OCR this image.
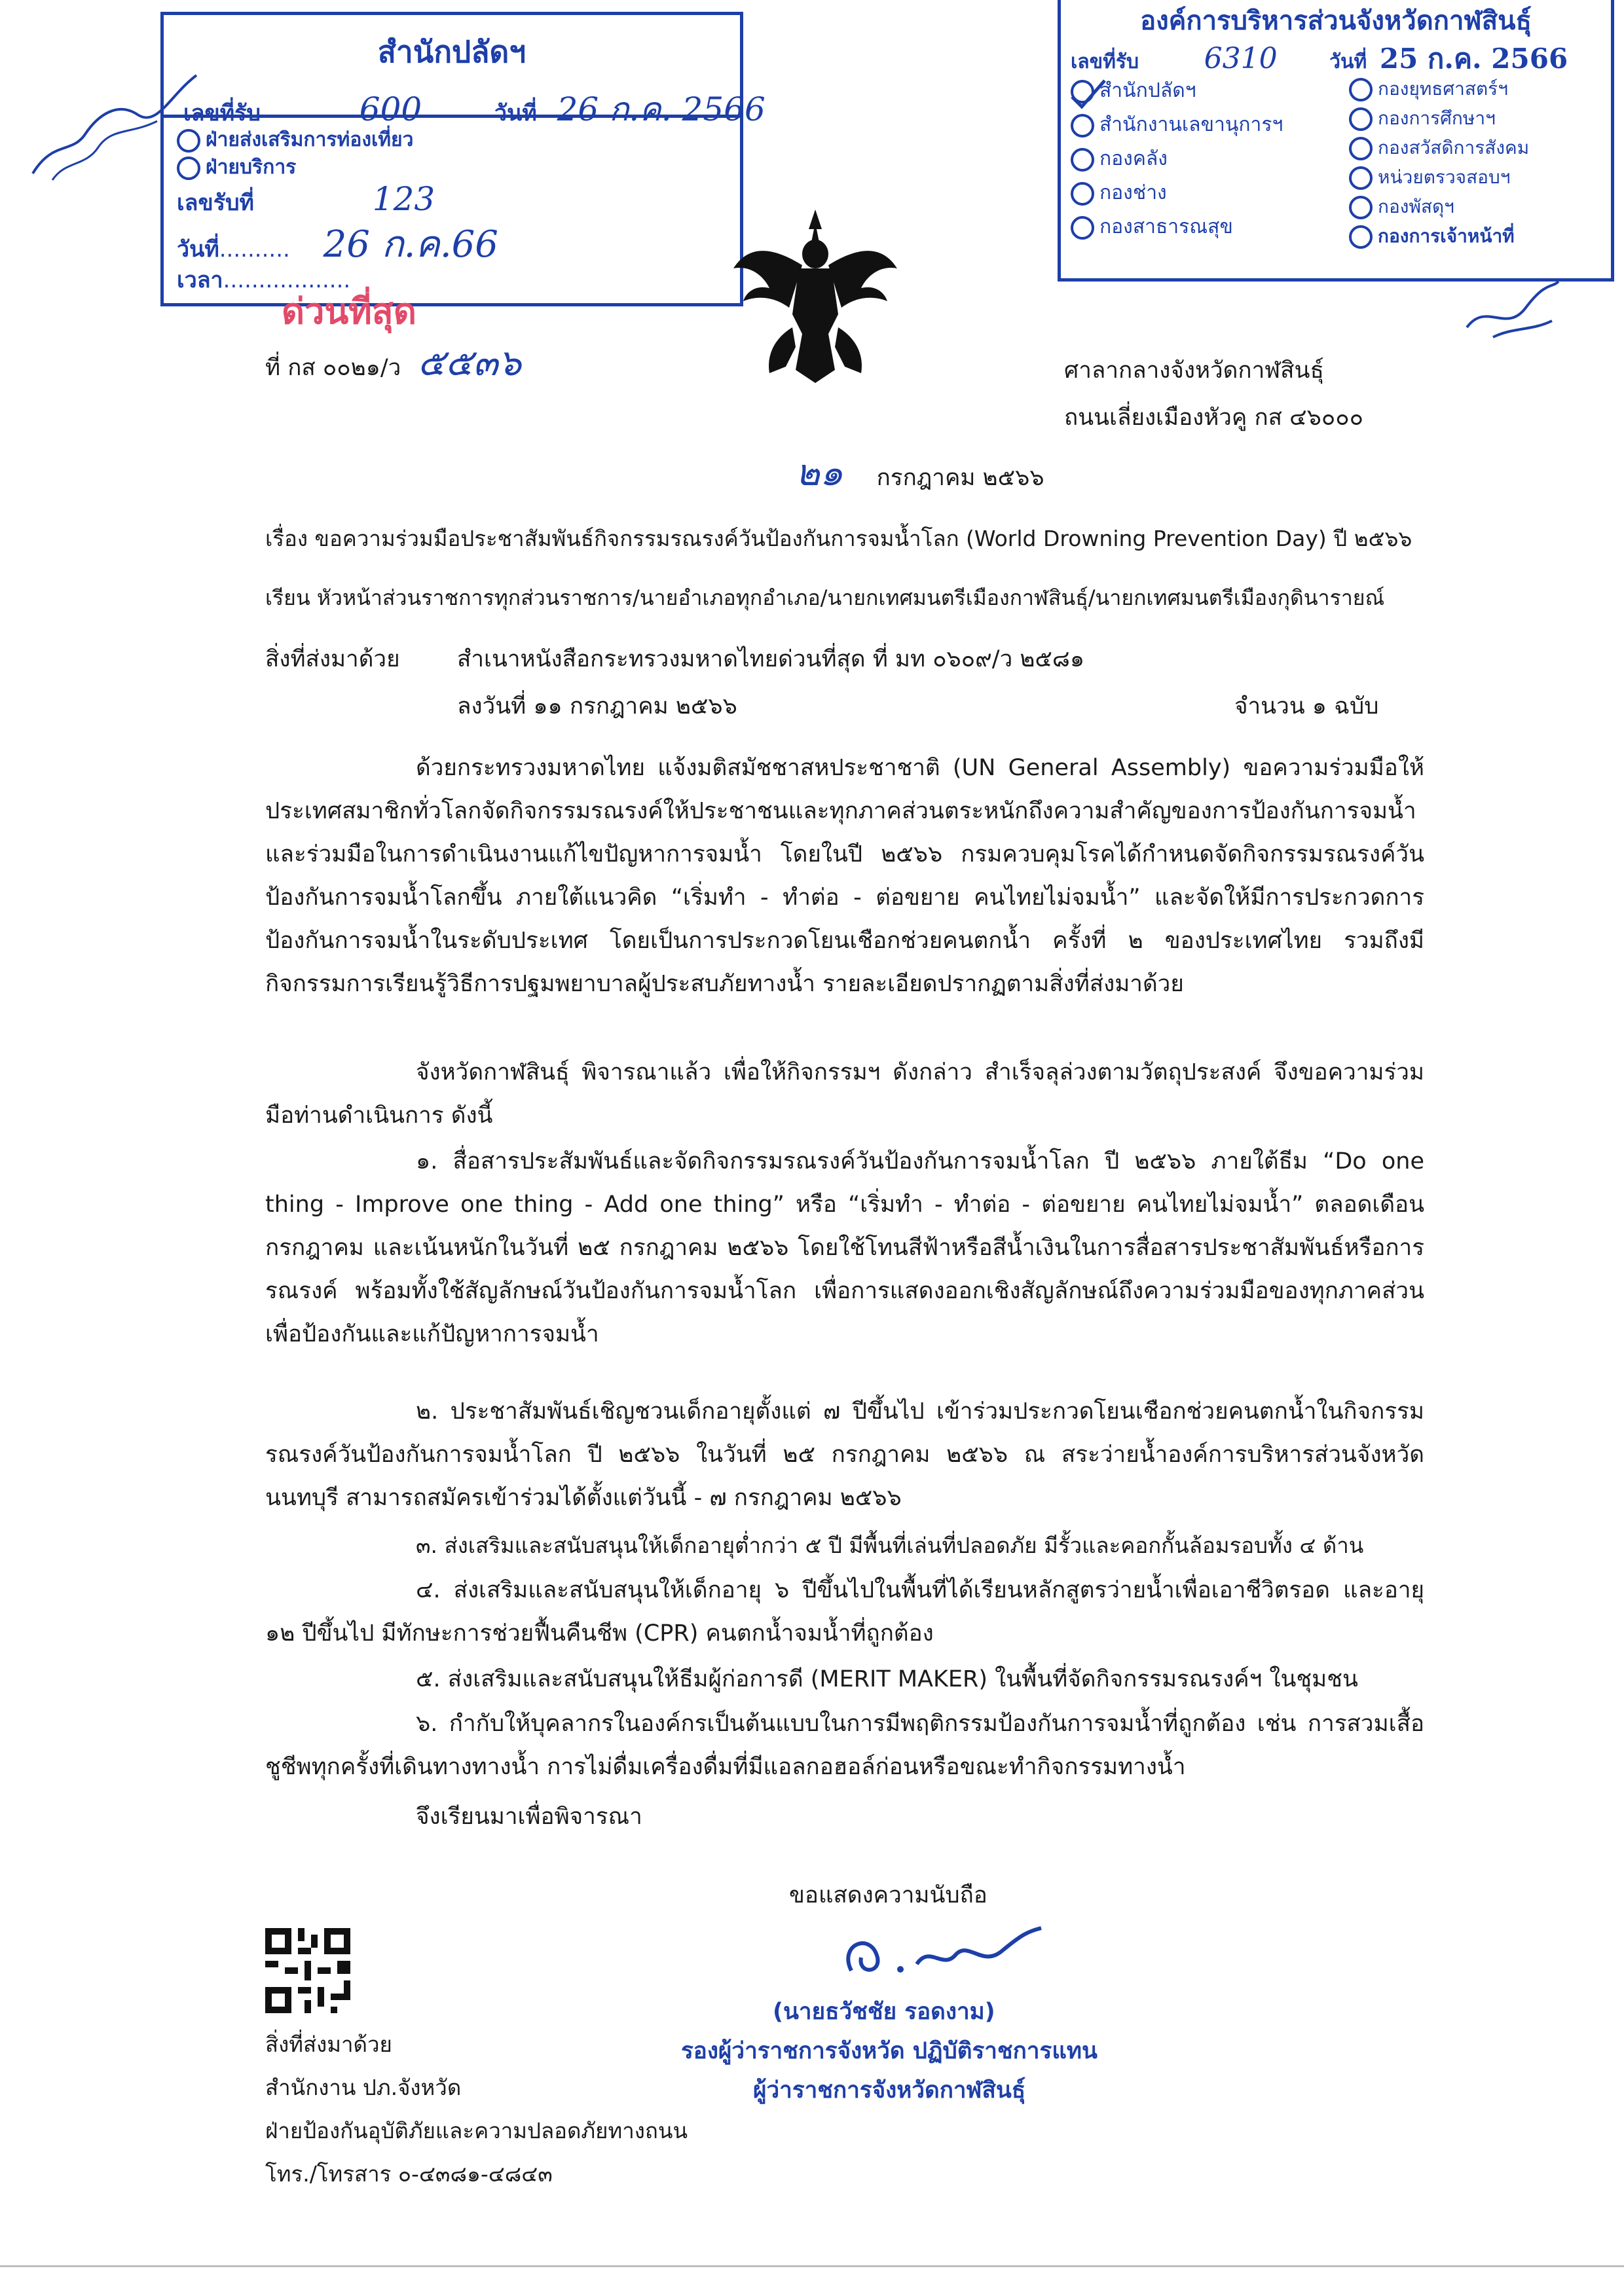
สำนักปลัดฯ
เลขที่รับ	600	วันที่ 26 ก.ค. 2566
ฝ่ายส่งเสริมการท่องเที่ยว
ฝ่ายบริการ
เลขรับที่	123
วันที่.......... 26 ก.ค.66
เวลา..................
องค์การบริหารส่วนจังหวัดกาฬสินธุ์
เลขที่รับ 6310	วันที่ 25 ก.ค. 2566
สำนักปลัดฯ
สำนักงานเลขานุการฯ
กองคลัง
กองช่าง
กองสาธารณสุข
กองยุทธศาสตร์ฯ
กองการศึกษาฯ
กองสวัสดิการสังคม
หน่วยตรวจสอบฯ
กองพัสดุฯ
กองการเจ้าหน้าที่
ด่วนที่สุด
ที่ กส ๐๐๒๑/ว ๕๕๓๖	ศาลากลางจังหวัดกาฬสินธุ์
ถนนเลี่ยงเมืองหัวคู กส ๔๖๐๐๐
๒๑ กรกฎาคม ๒๕๖๖
เรื่อง ขอความร่วมมือประชาสัมพันธ์กิจกรรมรณรงค์วันป้องกันการจมน้ำโลก (World Drowning Prevention Day) ปี ๒๕๖๖
เรียน หัวหน้าส่วนราชการทุกส่วนราชการ/นายอำเภอทุกอำเภอ/นายกเทศมนตรีเมืองกาฬสินธุ์/นายกเทศมนตรีเมืองกุดินารายณ์
สิ่งที่ส่งมาด้วย สำเนาหนังสือกระทรวงมหาดไทยด่วนที่สุด ที่ มท ๐๖๐๙/ว ๒๕๘๑
ลงวันที่ ๑๑ กรกฎาคม ๒๕๖๖	จำนวน ๑ ฉบับ
ด้วยกระทรวงมหาดไทย แจ้งมติสมัชชาสหประชาชาติ (UN General Assembly) ขอความร่วมมือให้ประเทศสมาชิกทั่วโลกจัดกิจกรรมรณรงค์ให้ประชาชนและทุกภาคส่วนตระหนักถึงความสำคัญของการป้องกันการจมน้ำ และร่วมมือในการดำเนินงานแก้ไขปัญหาการจมน้ำ โดยในปี ๒๕๖๖ กรมควบคุมโรคได้กำหนดจัดกิจกรรมรณรงค์วันป้องกันการจมน้ำโลกขึ้น ภายใต้แนวคิด “เริ่มทำ - ทำต่อ - ต่อขยาย คนไทยไม่จมน้ำ” และจัดให้มีการประกวดการป้องกันการจมน้ำในระดับประเทศ โดยเป็นการประกวดโยนเชือกช่วยคนตกน้ำ ครั้งที่ ๒ ของประเทศไทย รวมถึงมีกิจกรรมการเรียนรู้วิธีการปฐมพยาบาลผู้ประสบภัยทางน้ำ รายละเอียดปรากฏตามสิ่งที่ส่งมาด้วย
จังหวัดกาฬสินธุ์ พิจารณาแล้ว เพื่อให้กิจกรรมฯ ดังกล่าว สำเร็จลุล่วงตามวัตถุประสงค์ จึงขอความร่วมมือท่านดำเนินการ ดังนี้
๑. สื่อสารประสัมพันธ์และจัดกิจกรรมรณรงค์วันป้องกันการจมน้ำโลก ปี ๒๕๖๖ ภายใต้ธีม “Do one thing - Improve one thing - Add one thing” หรือ “เริ่มทำ - ทำต่อ - ต่อขยาย คนไทยไม่จมน้ำ” ตลอดเดือนกรกฎาคม และเน้นหนักในวันที่ ๒๕ กรกฎาคม ๒๕๖๖ โดยใช้โทนสีฟ้าหรือสีน้ำเงินในการสื่อสารประชาสัมพันธ์หรือการรณรงค์ พร้อมทั้งใช้สัญลักษณ์วันป้องกันการจมน้ำโลก เพื่อการแสดงออกเชิงสัญลักษณ์ถึงความร่วมมือของทุกภาคส่วนเพื่อป้องกันและแก้ปัญหาการจมน้ำ
๒. ประชาสัมพันธ์เชิญชวนเด็กอายุตั้งแต่ ๗ ปีขึ้นไป เข้าร่วมประกวดโยนเชือกช่วยคนตกน้ำในกิจกรรมรณรงค์วันป้องกันการจมน้ำโลก ปี ๒๕๖๖ ในวันที่ ๒๕ กรกฎาคม ๒๕๖๖ ณ สระว่ายน้ำองค์การบริหารส่วนจังหวัดนนทบุรี สามารถสมัครเข้าร่วมได้ตั้งแต่วันนี้ - ๗ กรกฎาคม ๒๕๖๖
๓. ส่งเสริมและสนับสนุนให้เด็กอายุต่ำกว่า ๕ ปี มีพื้นที่เล่นที่ปลอดภัย มีรั้วและคอกกั้นล้อมรอบทั้ง ๔ ด้าน
๔. ส่งเสริมและสนับสนุนให้เด็กอายุ ๖ ปีขึ้นไปในพื้นที่ได้เรียนหลักสูตรว่ายน้ำเพื่อเอาชีวิตรอด และอายุ ๑๒ ปีขึ้นไป มีทักษะการช่วยฟื้นคืนชีพ (CPR) คนตกน้ำจมน้ำที่ถูกต้อง
๕. ส่งเสริมและสนับสนุนให้ธีมผู้ก่อการดี (MERIT MAKER) ในพื้นที่จัดกิจกรรมรณรงค์ฯ ในชุมชน
๖. กำกับให้บุคลากรในองค์กรเป็นต้นแบบในการมีพฤติกรรมป้องกันการจมน้ำที่ถูกต้อง เช่น การสวมเสื้อชูชีพทุกครั้งที่เดินทางทางน้ำ การไม่ดื่มเครื่องดื่มที่มีแอลกอฮอล์ก่อนหรือขณะทำกิจกรรมทางน้ำ
จึงเรียนมาเพื่อพิจารณา
ขอแสดงความนับถือ
(นายธวัชชัย รอดงาม)
รองผู้ว่าราชการจังหวัด ปฏิบัติราชการแทน
ผู้ว่าราชการจังหวัดกาฬสินธุ์
สิ่งที่ส่งมาด้วย
สำนักงาน ปภ.จังหวัด
ฝ่ายป้องกันอุบัติภัยและความปลอดภัยทางถนน
โทร./โทรสาร ๐-๔๓๘๑-๔๘๔๓
